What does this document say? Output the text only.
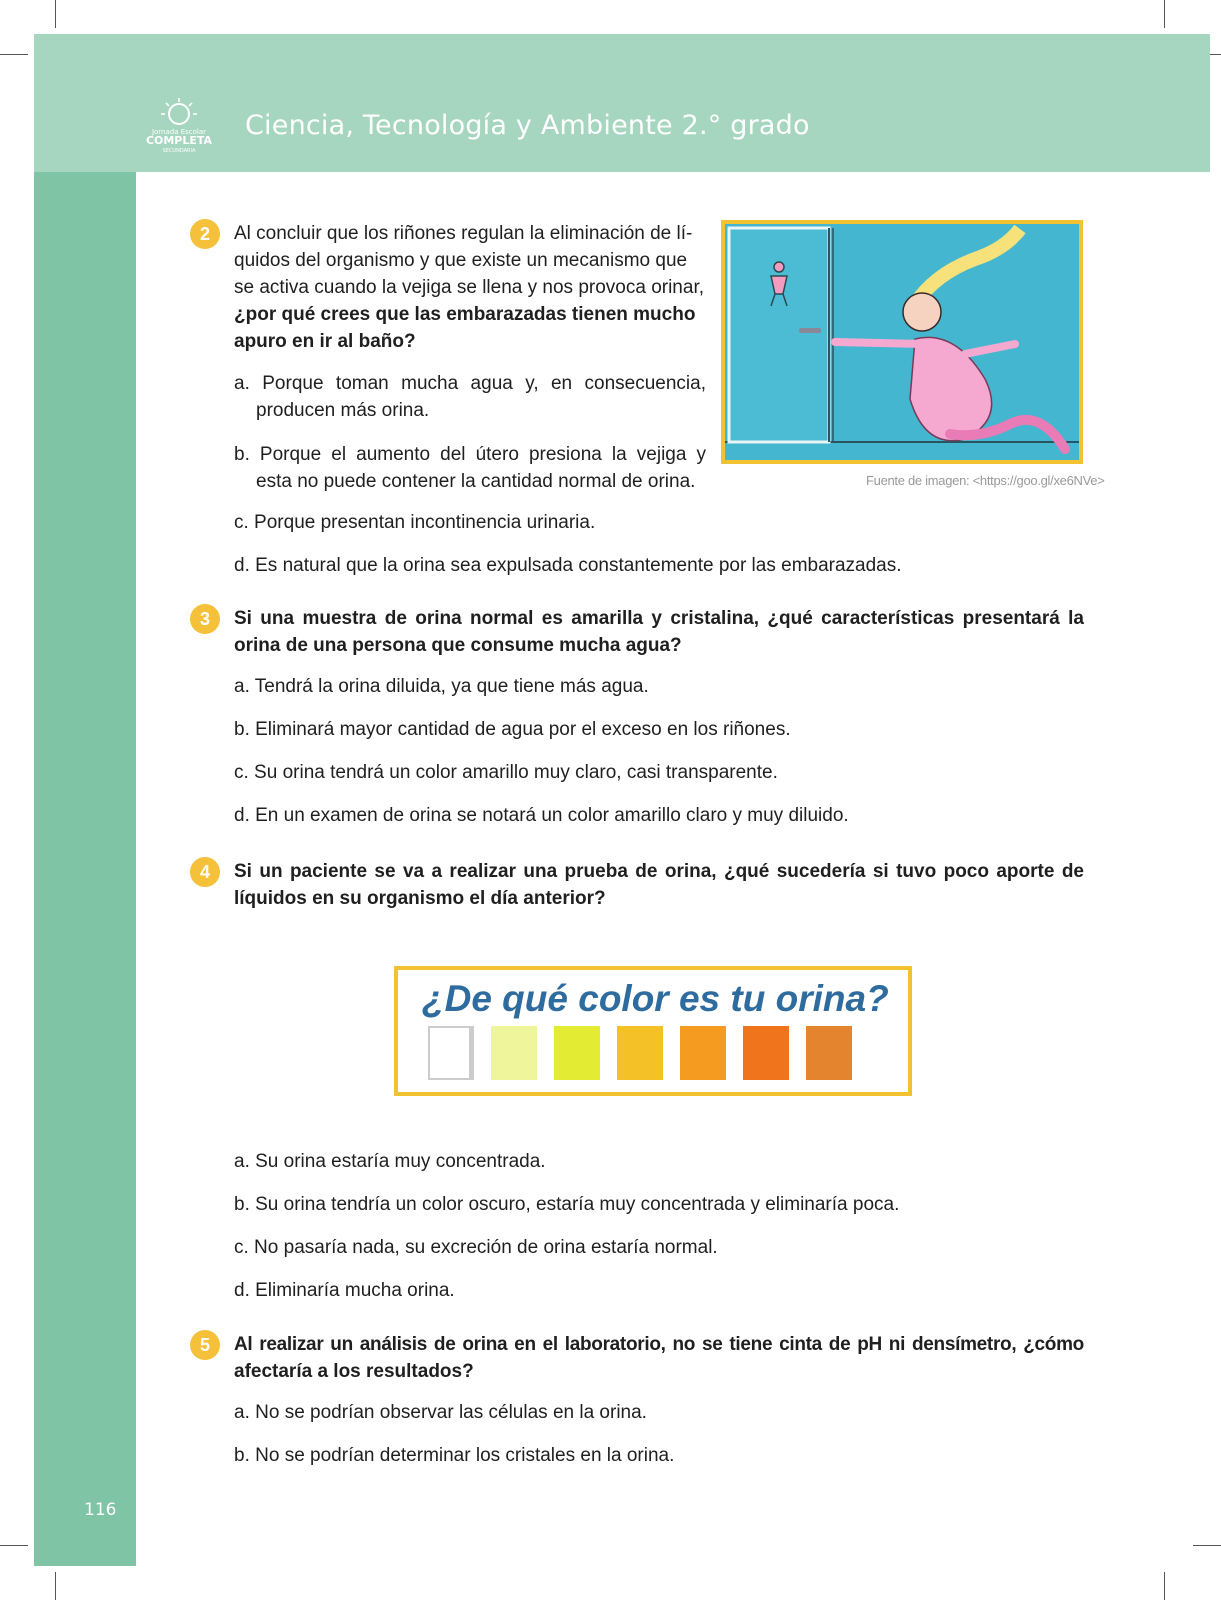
Jornada Escolar
COMPLETA
SECUNDARIA
Ciencia, Tecnología y Ambiente 2.° grado
116
2	Al concluir que los riñones regulan la eliminación de lí-
quidos del organismo y que existe un mecanismo que
se activa cuando la vejiga se llena y nos provoca orinar,
¿por qué crees que las embarazadas tienen mucho
apuro en ir al baño?
a. Porque toman mucha agua y, en consecuencia,
producen más orina.
b. Porque el aumento del útero presiona la vejiga y
esta no puede contener la cantidad normal de orina.
c. Porque presentan incontinencia urinaria.
d. Es natural que la orina sea expulsada constantemente por las embarazadas.
Fuente de imagen: <https://goo.gl/xe6NVe>
3	Si una muestra de orina normal es amarilla y cristalina, ¿qué características presentará la
orina de una persona que consume mucha agua?
a. Tendrá la orina diluida, ya que tiene más agua.
b. Eliminará mayor cantidad de agua por el exceso en los riñones.
c. Su orina tendrá un color amarillo muy claro, casi transparente.
d. En un examen de orina se notará un color amarillo claro y muy diluido.
4	Si un paciente se va a realizar una prueba de orina, ¿qué sucedería si tuvo poco aporte de
líquidos en su organismo el día anterior?
¿De qué color es tu orina?
a. Su orina estaría muy concentrada.
b. Su orina tendría un color oscuro, estaría muy concentrada y eliminaría poca.
c. No pasaría nada, su excreción de orina estaría normal.
d. Eliminaría mucha orina.
5	Al realizar un análisis de orina en el laboratorio, no se tiene cinta de pH ni densímetro, ¿cómo
afectaría a los resultados?
a. No se podrían observar las células en la orina.
b. No se podrían determinar los cristales en la orina.
